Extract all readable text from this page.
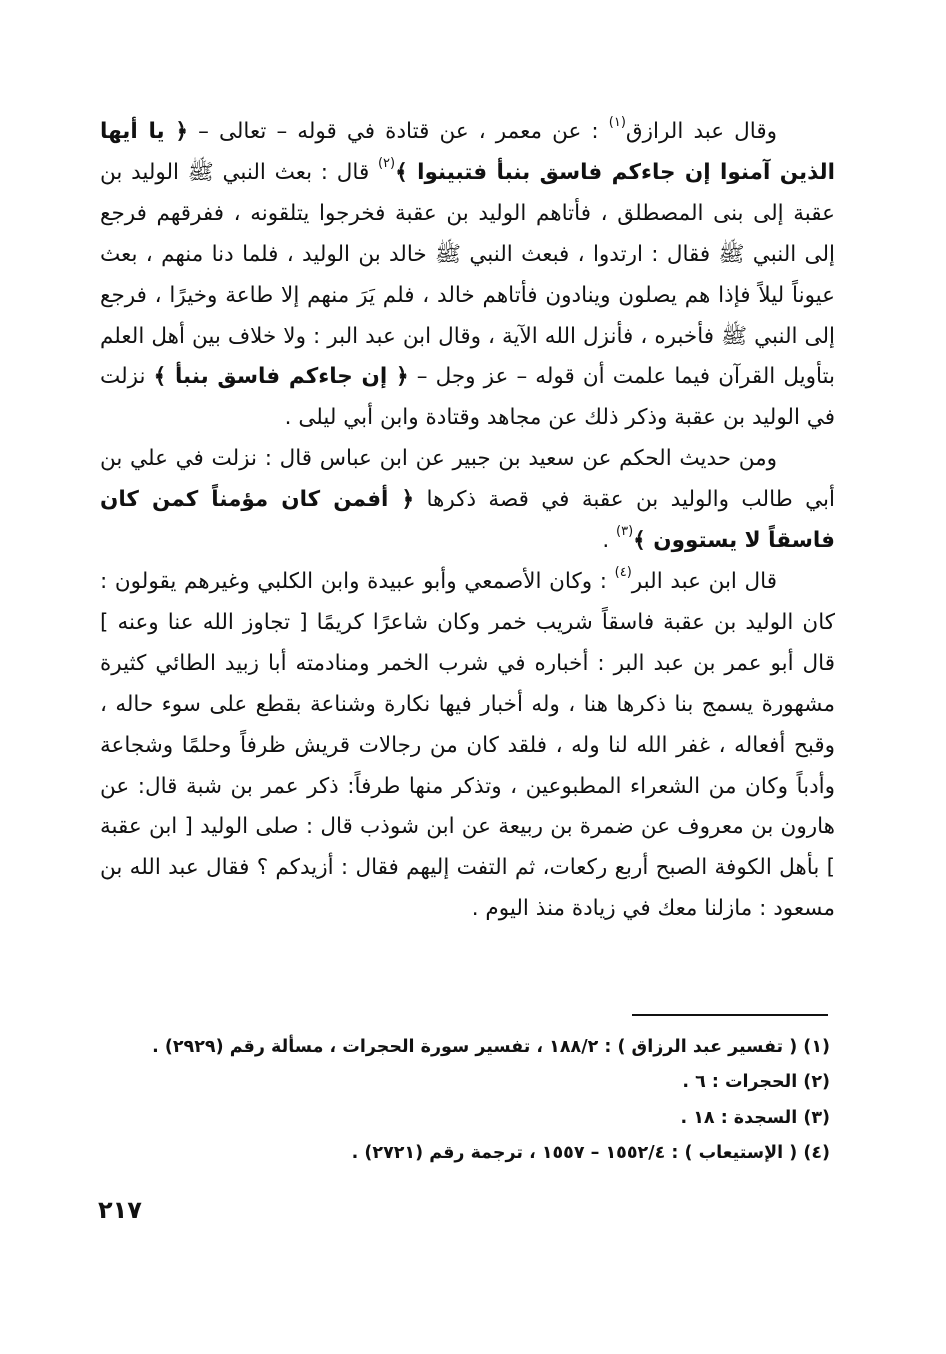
وقال عبد الرازق$^{(١)}$ : عن معمر ، عن قتادة في قوله – تعالى – ﴿ يا أيها الذين آمنوا إن جاءكم فاسق بنبأ فتبينوا ﴾$^{(٢)}$ قال : بعث النبي ﷺ الوليد بن عقبة إلى بنى المصطلق ، فأتاهم الوليد بن عقبة فخرجوا يتلقونه ، ففرقهم فرجع إلى النبي ﷺ فقال : ارتدوا ، فبعث النبي ﷺ خالد بن الوليد ، فلما دنا منهم ، بعث عيوناً ليلاً فإذا هم يصلون وينادون فأتاهم خالد ، فلم يَرَ منهم إلا طاعة وخيرًا ، فرجع إلى النبي ﷺ فأخبره ، فأنزل الله الآية ، وقال ابن عبد البر : ولا خلاف بين أهل العلم بتأويل القرآن فيما علمت أن قوله – عز وجل – ﴿ إن جاءكم فاسق بنبأ ﴾ نزلت في الوليد بن عقبة وذكر ذلك عن مجاهد وقتادة وابن أبي ليلى .

ومن حديث الحكم عن سعيد بن جبير عن ابن عباس قال : نزلت في علي بن أبي طالب والوليد بن عقبة في قصة ذكرها ﴿ أفمن كان مؤمناً كمن كان فاسقاً لا يستوون ﴾$^{(٣)}$ .

قال ابن عبد البر$^{(٤)}$ : وكان الأصمعي وأبو عبيدة وابن الكلبي وغيرهم يقولون : كان الوليد بن عقبة فاسقاً شريب خمر وكان شاعرًا كريمًا [ تجاوز الله عنا وعنه ] قال أبو عمر بن عبد البر : أخباره في شرب الخمر ومنادمته أبا زبيد الطائي كثيرة مشهورة يسمج بنا ذكرها هنا ، وله أخبار فيها نكارة وشناعة بقطع على سوء حاله ، وقبح أفعاله ، غفر الله لنا وله ، فلقد كان من رجالات قريش ظرفاً وحلمًا وشجاعة وأدباً وكان من الشعراء المطبوعين ، وتذكر منها طرفاً: ذكر عمر بن شبة قال: عن هارون بن معروف عن ضمرة بن ربيعة عن ابن شوذب قال : صلى الوليد [ ابن عقبة ] بأهل الكوفة الصبح أربع ركعات، ثم التفت إليهم فقال : أزيدكم ؟ فقال عبد الله بن مسعود : مازلنا معك في زيادة منذ اليوم .

(١) ( تفسير عبد الرزاق ) : ١٨٨/٢ ، تفسير سورة الحجرات ، مسألة رقم (٢٩٢٩) .

(٢) الحجرات : ٦ .

(٣) السجدة : ١٨ .

(٤) ( الإستيعاب ) : ١٥٥٢/٤ – ١٥٥٧ ، ترجمة رقم (٢٧٢١) .

٢١٧
